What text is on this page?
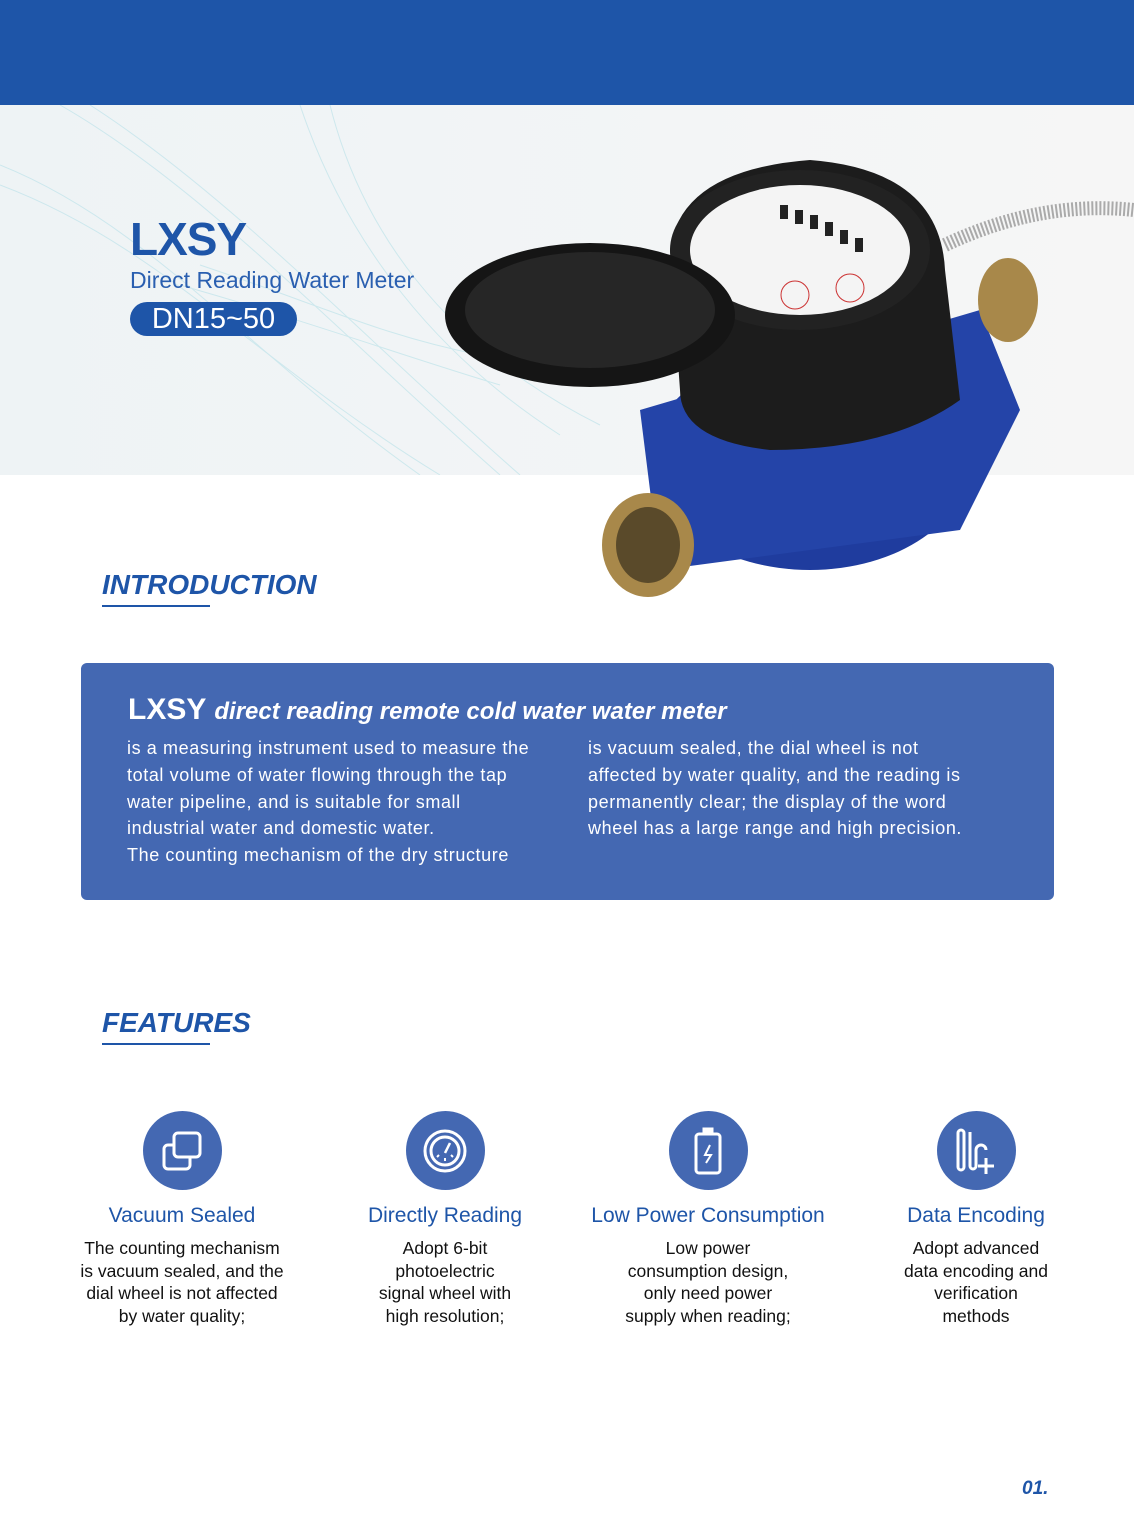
LXSY
Direct Reading Water Meter
DN15~50
INTRODUCTION
LXSY direct reading remote cold water water meter
is a measuring instrument used to measure the
total volume of water flowing through the tap
water pipeline, and is suitable for small
industrial water and domestic water.
The counting mechanism of the dry structure
is vacuum sealed, the dial wheel is not
affected by water quality, and the reading is
permanently clear; the display of the word
wheel has a large range and high precision.
FEATURES
Vacuum Sealed
The counting mechanism
is vacuum sealed, and the
dial wheel is not affected
by water quality;
Directly Reading
Adopt 6-bit
photoelectric
signal wheel with
high resolution;
Low Power Consumption
Low power
consumption design,
only need power
supply when reading;
Data Encoding
Adopt advanced
data encoding and
verification
methods
01.
